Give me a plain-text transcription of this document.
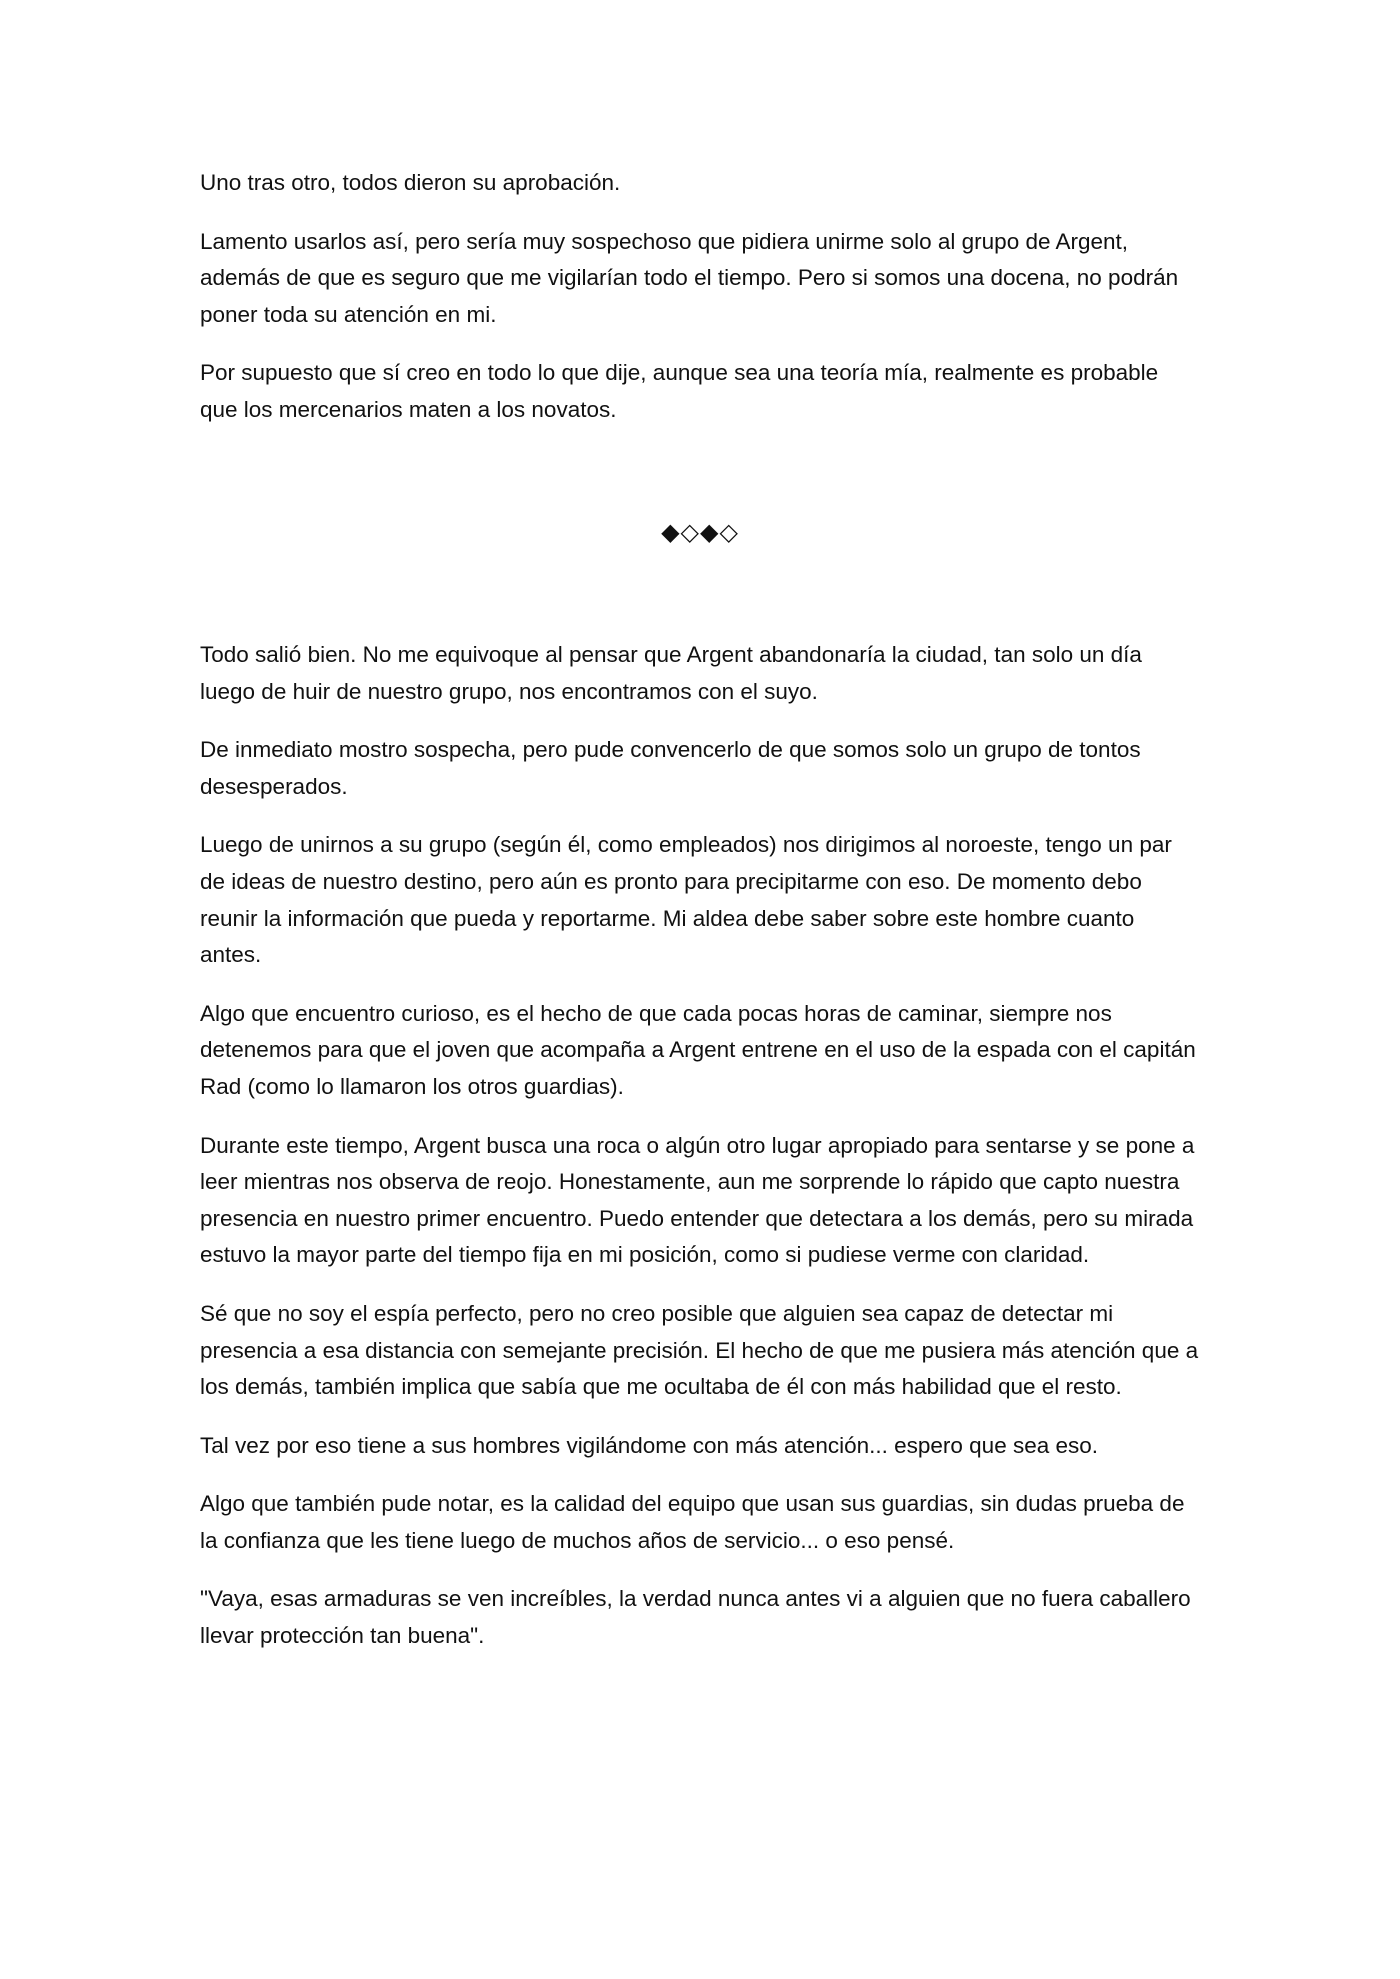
Uno tras otro, todos dieron su aprobación.

Lamento usarlos así, pero sería muy sospechoso que pidiera unirme solo al grupo de Argent, además de que es seguro que me vigilarían todo el tiempo. Pero si somos una docena, no podrán poner toda su atención en mi.

Por supuesto que sí creo en todo lo que dije, aunque sea una teoría mía, realmente es probable que los mercenarios maten a los novatos.

◆◇◆◇

Todo salió bien. No me equivoque al pensar que Argent abandonaría la ciudad, tan solo un día luego de huir de nuestro grupo, nos encontramos con el suyo.

De inmediato mostro sospecha, pero pude convencerlo de que somos solo un grupo de tontos desesperados.

Luego de unirnos a su grupo (según él, como empleados) nos dirigimos al noroeste, tengo un par de ideas de nuestro destino, pero aún es pronto para precipitarme con eso. De momento debo reunir la información que pueda y reportarme. Mi aldea debe saber sobre este hombre cuanto antes.

Algo que encuentro curioso, es el hecho de que cada pocas horas de caminar, siempre nos detenemos para que el joven que acompaña a Argent entrene en el uso de la espada con el capitán Rad (como lo llamaron los otros guardias).

Durante este tiempo, Argent busca una roca o algún otro lugar apropiado para sentarse y se pone a leer mientras nos observa de reojo. Honestamente, aun me sorprende lo rápido que capto nuestra presencia en nuestro primer encuentro. Puedo entender que detectara a los demás, pero su mirada estuvo la mayor parte del tiempo fija en mi posición, como si pudiese verme con claridad.

Sé que no soy el espía perfecto, pero no creo posible que alguien sea capaz de detectar mi presencia a esa distancia con semejante precisión. El hecho de que me pusiera más atención que a los demás, también implica que sabía que me ocultaba de él con más habilidad que el resto.

Tal vez por eso tiene a sus hombres vigilándome con más atención... espero que sea eso.

Algo que también pude notar, es la calidad del equipo que usan sus guardias, sin dudas prueba de la confianza que les tiene luego de muchos años de servicio... o eso pensé.

"Vaya, esas armaduras se ven increíbles, la verdad nunca antes vi a alguien que no fuera caballero llevar protección tan buena".
